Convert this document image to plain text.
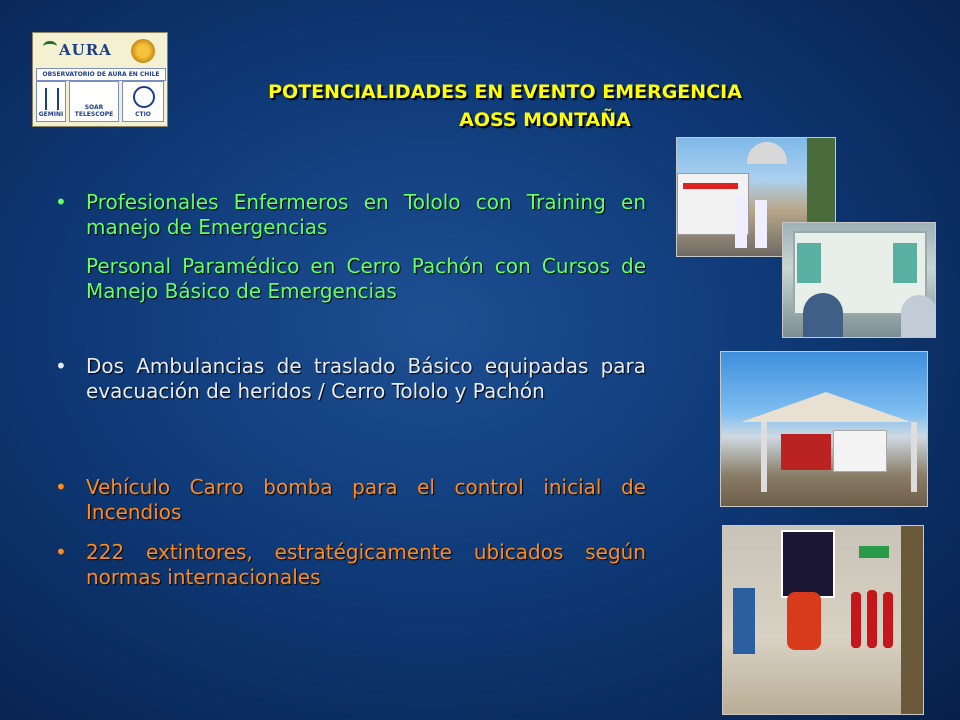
AURA
OBSERVATORIO DE AURA EN CHILE
GEMINI
SOAR TELESCOPE	CTIO
POTENCIALIDADES EN EVENTO EMERGENCIA
AOSS MONTAÑA
• Profesionales Enfermeros en Tololo con Training en manejo de Emergencias
Personal Paramédico en Cerro Pachón con Cursos de Manejo Básico de Emergencias
• Dos Ambulancias de traslado Básico equipadas para evacuación de heridos / Cerro Tololo y Pachón
• Vehículo Carro bomba para el control inicial de Incendios
• 222 extintores, estratégicamente ubicados según normas internacionales
